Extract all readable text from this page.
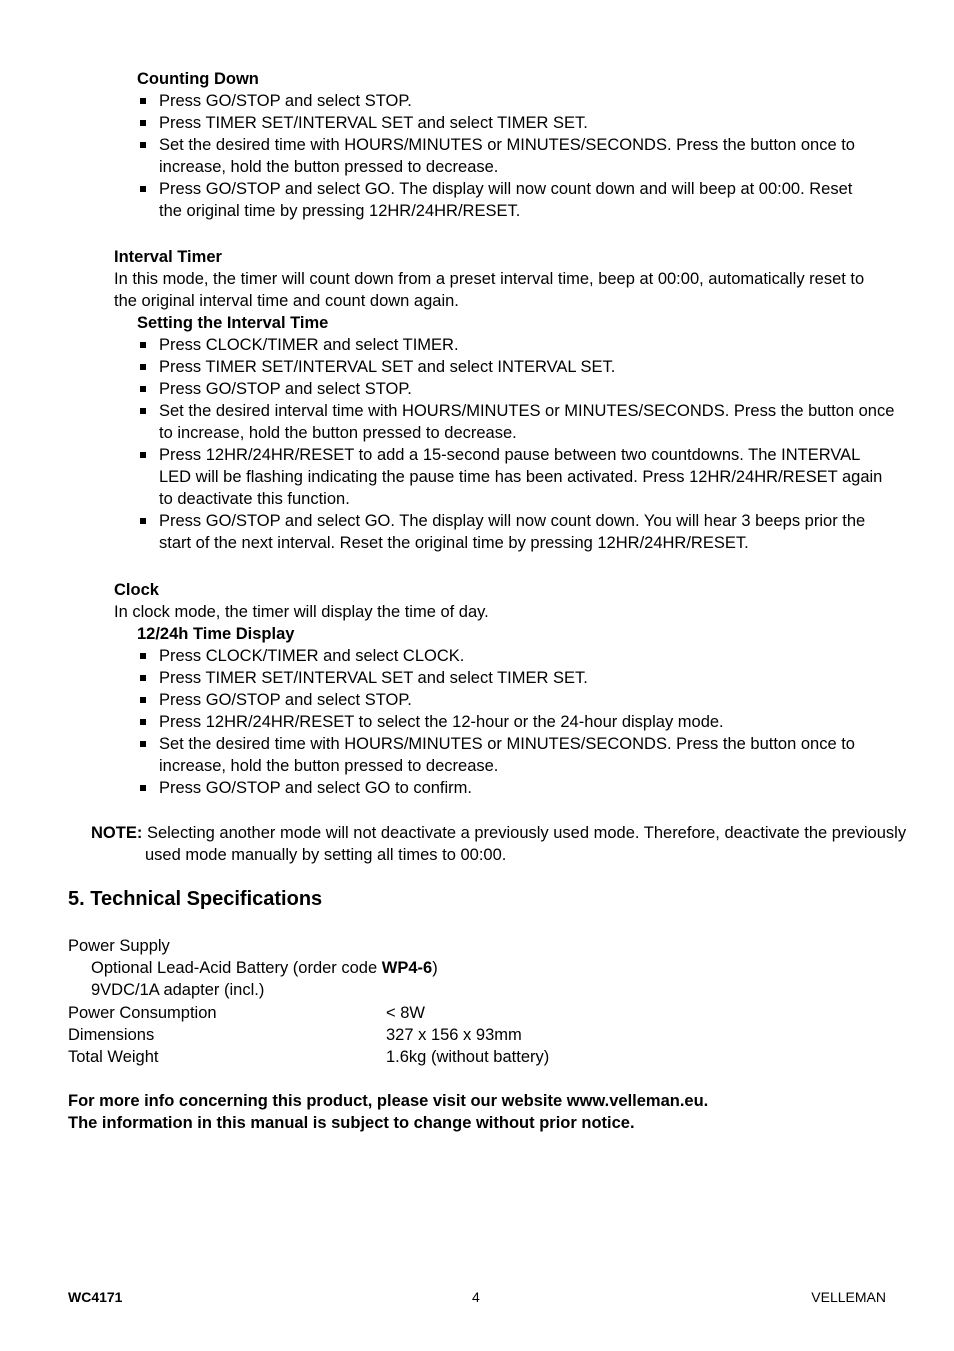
Counting Down
Press GO/STOP and select STOP.
Press TIMER SET/INTERVAL SET and select TIMER SET.
Set the desired time with HOURS/MINUTES or MINUTES/SECONDS. Press the button once to increase, hold the button pressed to decrease.
Press GO/STOP and select GO. The display will now count down and will beep at 00:00. Reset the original time by pressing 12HR/24HR/RESET.
Interval Timer
In this mode, the timer will count down from a preset interval time, beep at 00:00, automatically reset to the original interval time and count down again.
Setting the Interval Time
Press CLOCK/TIMER and select TIMER.
Press TIMER SET/INTERVAL SET and select INTERVAL SET.
Press GO/STOP and select STOP.
Set the desired interval time with HOURS/MINUTES or MINUTES/SECONDS. Press the button once to increase, hold the button pressed to decrease.
Press 12HR/24HR/RESET to add a 15-second pause between two countdowns. The INTERVAL LED will be flashing indicating the pause time has been activated. Press 12HR/24HR/RESET again to deactivate this function.
Press GO/STOP and select GO. The display will now count down. You will hear 3 beeps prior the start of the next interval. Reset the original time by pressing 12HR/24HR/RESET.
Clock
In clock mode, the timer will display the time of day.
12/24h Time Display
Press CLOCK/TIMER and select CLOCK.
Press TIMER SET/INTERVAL SET and select TIMER SET.
Press GO/STOP and select STOP.
Press 12HR/24HR/RESET to select the 12-hour or the 24-hour display mode.
Set the desired time with HOURS/MINUTES or MINUTES/SECONDS. Press the button once to increase, hold the button pressed to decrease.
Press GO/STOP and select GO to confirm.
NOTE: Selecting another mode will not deactivate a previously used mode. Therefore, deactivate the previously
used mode manually by setting all times to 00:00.
5. Technical Specifications
Power Supply
Optional Lead-Acid Battery (order code WP4-6)
9VDC/1A adapter (incl.)
Power Consumption	< 8W
Dimensions	327 x 156 x 93mm
Total Weight	1.6kg (without battery)
For more info concerning this product, please visit our website www.velleman.eu.
The information in this manual is subject to change without prior notice.
WC4171	4	VELLEMAN
